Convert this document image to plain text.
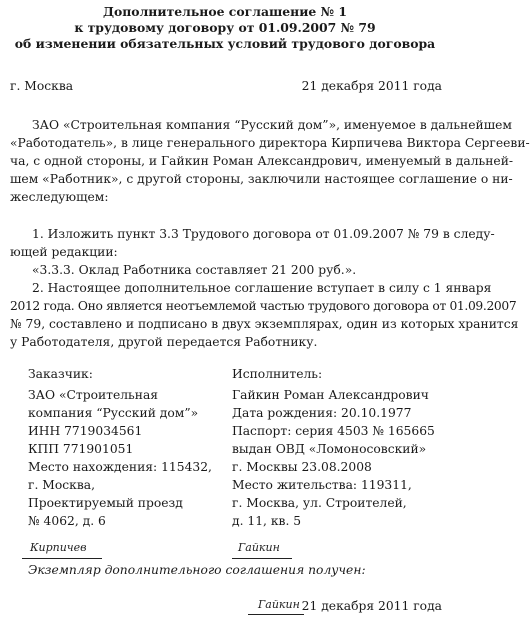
Дополнительное соглашение № 1
к трудовому договору от 01.09.2007 № 79
об изменении обязательных условий трудового договора
г. Москва	21 декабря 2011 года
ЗАО «Строительная компания “Русский дом”», именуемое в дальнейшем
«Работодатель», в лице генерального директора Кирпичева Виктора Сергееви-
ча, с одной стороны, и Гайкин Роман Александрович, именуемый в дальней-
шем «Работник», с другой стороны, заключили настоящее соглашение о ни-
жеследующем:
1. Изложить пункт 3.3 Трудового договора от 01.09.2007 № 79 в следу-
ющей редакции:
«3.3.3. Оклад Работника составляет 21 200 руб.».
2. Настоящее дополнительное соглашение вступает в силу с 1 января
2012 года. Оно является неотъемлемой частью трудового договора от 01.09.2007
№ 79, составлено и подписано в двух экземплярах, один из которых хранится
у Работодателя, другой передается Работнику.
Заказчик:
ЗАО «Строительная
компания “Русский дом”»
ИНН 7719034561
КПП 771901051
Место нахождения: 115432,
г. Москва,
Проектируемый проезд
№ 4062, д. 6
Исполнитель:
Гайкин Роман Александрович
Дата рождения: 20.10.1977
Паспорт: серия 4503 № 165665
выдан ОВД «Ломоносовский»
г. Москвы 23.08.2008
Место жительства: 119311,
г. Москва, ул. Строителей,
д. 11, кв. 5
Кирпичев	Гайкин
Экземпляр дополнительного соглашения получен:
Гайкин 21 декабря 2011 года
